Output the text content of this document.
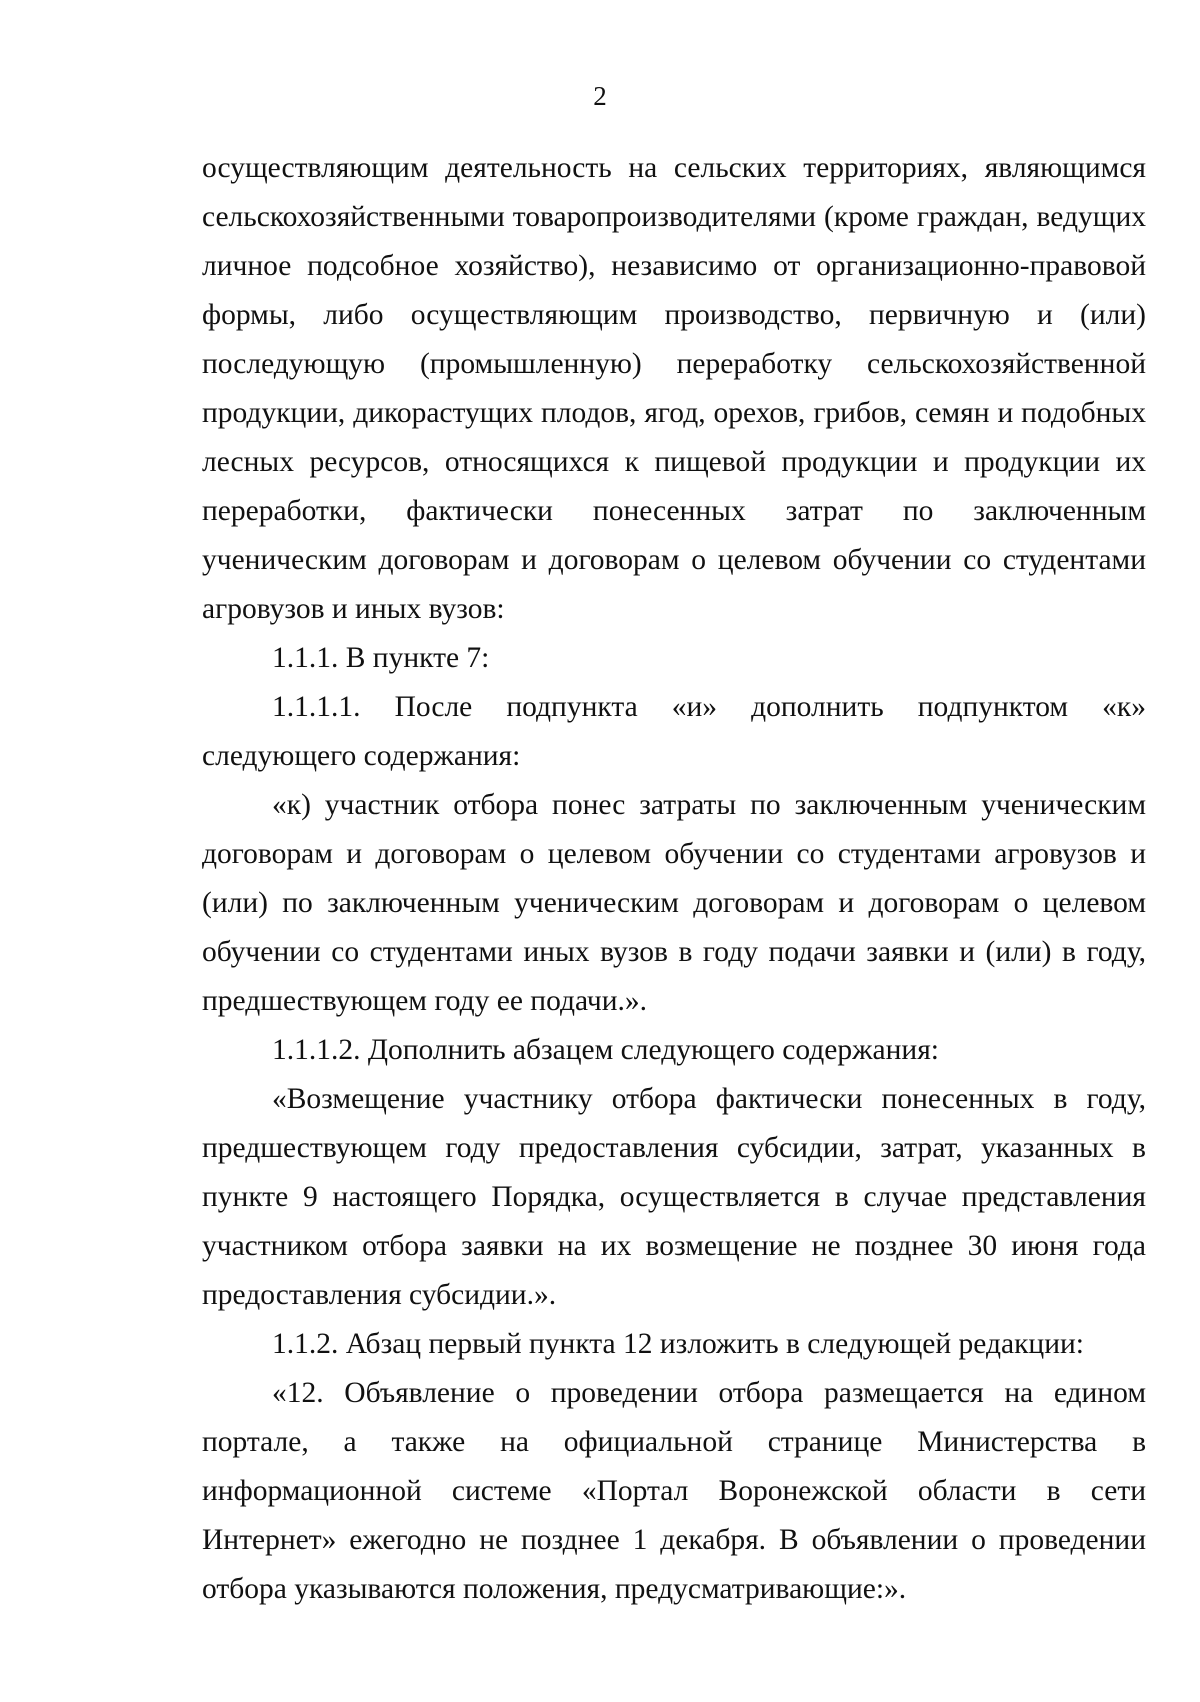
2

осуществляющим деятельность на сельских территориях, являющимся сельскохозяйственными товаропроизводителями (кроме граждан, ведущих личное подсобное хозяйство), независимо от организационно-правовой формы, либо осуществляющим производство, первичную и (или) последующую (промышленную) переработку сельскохозяйственной продукции, дикорастущих плодов, ягод, орехов, грибов, семян и подобных лесных ресурсов, относящихся к пищевой продукции и продукции их переработки, фактически понесенных затрат по заключенным ученическим договорам и договорам о целевом обучении со студентами агровузов и иных вузов:

1.1.1. В пункте 7:

1.1.1.1. После подпункта «и» дополнить подпунктом «к» следующего содержания:

«к) участник отбора понес затраты по заключенным ученическим договорам и договорам о целевом обучении со студентами агровузов и (или) по заключенным ученическим договорам и договорам о целевом обучении со студентами иных вузов в году подачи заявки и (или) в году, предшествующем году ее подачи.».

1.1.1.2. Дополнить абзацем следующего содержания:

«Возмещение участнику отбора фактически понесенных в году, предшествующем году предоставления субсидии, затрат, указанных в пункте 9 настоящего Порядка, осуществляется в случае представления участником отбора заявки на их возмещение не позднее 30 июня года предоставления субсидии.».

1.1.2. Абзац первый пункта 12 изложить в следующей редакции:

«12. Объявление о проведении отбора размещается на едином портале, а также на официальной странице Министерства в информационной системе «Портал Воронежской области в сети Интернет» ежегодно не позднее 1 декабря. В объявлении о проведении отбора указываются положения, предусматривающие:».
